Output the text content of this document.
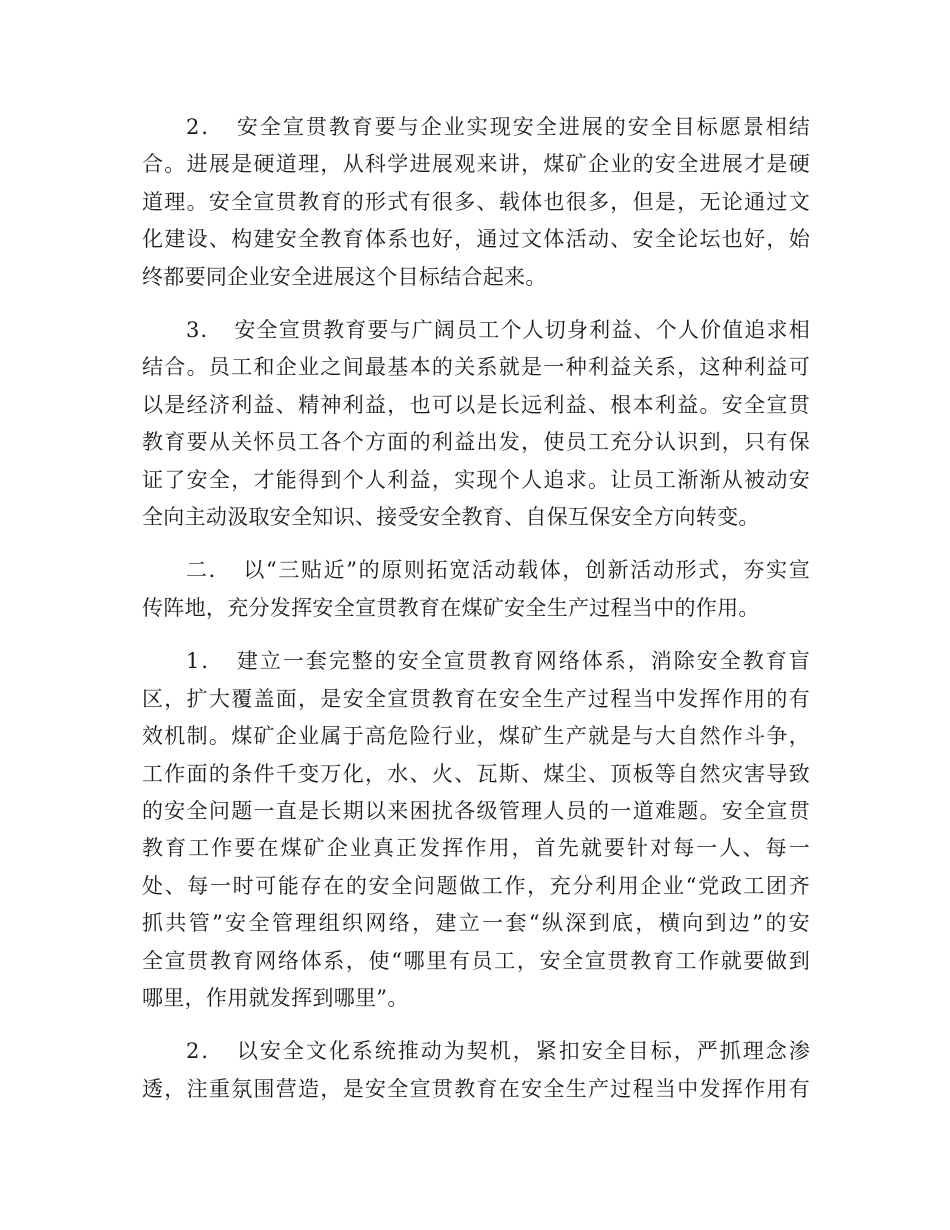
2．　安全宣贯教育要与企业实现安全进展的安全目标愿景相结
合。进展是硬道理，从科学进展观来讲，煤矿企业的安全进展才是硬
道理。安全宣贯教育的形式有很多、载体也很多，但是，无论通过文
化建设、构建安全教育体系也好，通过文体活动、安全论坛也好，始
终都要同企业安全进展这个目标结合起来。

3．　安全宣贯教育要与广阔员工个人切身利益、个人价值追求相
结合。员工和企业之间最基本的关系就是一种利益关系，这种利益可
以是经济利益、精神利益，也可以是长远利益、根本利益。安全宣贯
教育要从关怀员工各个方面的利益出发，使员工充分认识到，只有保
证了安全，才能得到个人利益，实现个人追求。让员工渐渐从被动安
全向主动汲取安全知识、接受安全教育、自保互保安全方向转变。

二．　以“三贴近”的原则拓宽活动载体，创新活动形式，夯实宣
传阵地，充分发挥安全宣贯教育在煤矿安全生产过程当中的作用。

1．　建立一套完整的安全宣贯教育网络体系，消除安全教育盲
区，扩大覆盖面，是安全宣贯教育在安全生产过程当中发挥作用的有
效机制。煤矿企业属于高危险行业，煤矿生产就是与大自然作斗争，
工作面的条件千变万化，水、火、瓦斯、煤尘、顶板等自然灾害导致
的安全问题一直是长期以来困扰各级管理人员的一道难题。安全宣贯
教育工作要在煤矿企业真正发挥作用，首先就要针对每一人、每一
处、每一时可能存在的安全问题做工作，充分利用企业“党政工团齐
抓共管”安全管理组织网络，建立一套“纵深到底，横向到边”的安
全宣贯教育网络体系，使“哪里有员工，安全宣贯教育工作就要做到
哪里，作用就发挥到哪里”。

2．　以安全文化系统推动为契机，紧扣安全目标，严抓理念渗
透，注重氛围营造，是安全宣贯教育在安全生产过程当中发挥作用有
